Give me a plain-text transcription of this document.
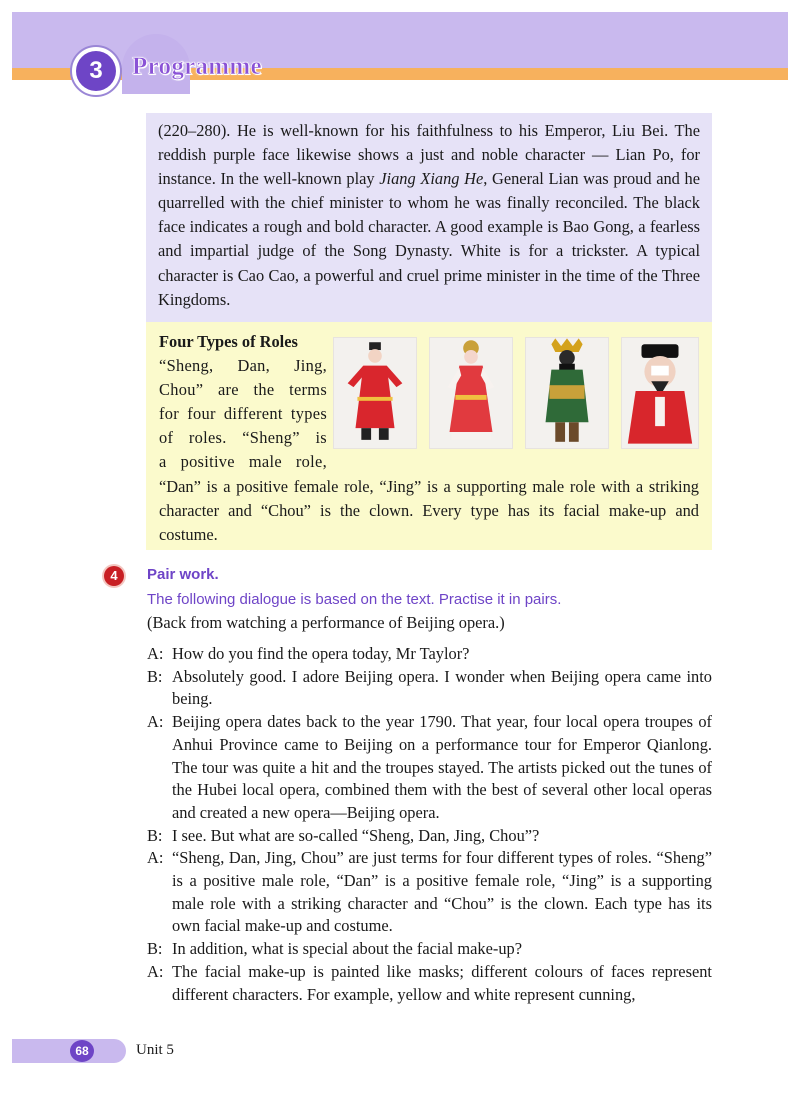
3	Programme
(220–280). He is well-known for his faithfulness to his Emperor, Liu Bei. The reddish purple face likewise shows a just and noble character — Lian Po, for instance. In the well-known play Jiang Xiang He, General Lian was proud and he quarrelled with the chief minister to whom he was finally reconciled. The black face indicates a rough and bold character. A good example is Bao Gong, a fearless and impartial judge of the Song Dynasty. White is for a trickster. A typical character is Cao Cao, a powerful and cruel prime minister in the time of the Three Kingdoms.
Four Types of Roles
“Sheng, Dan, Jing,
Chou” are the terms
for four different types
of roles. “Sheng” is
a positive male role,
“Dan” is a positive female role, “Jing” is a supporting male role with a striking character and “Chou” is the clown. Every type has its facial make-up and costume.
4	Pair work.
The following dialogue is based on the text. Practise it in pairs.
(Back from watching a performance of Beijing opera.)
A: How do you find the opera today, Mr Taylor?
B: Absolutely good. I adore Beijing opera. I wonder when Beijing opera came into being.
A: Beijing opera dates back to the year 1790. That year, four local opera troupes of Anhui Province came to Beijing on a performance tour for Emperor Qianlong. The tour was quite a hit and the troupes stayed. The artists picked out the tunes of the Hubei local opera, combined them with the best of several other local operas and created a new opera—Beijing opera.
B: I see. But what are so-called “Sheng, Dan, Jing, Chou”?
A: “Sheng, Dan, Jing, Chou” are just terms for four different types of roles. “Sheng” is a positive male role, “Dan” is a positive female role, “Jing” is a supporting male role with a striking character and “Chou” is the clown. Each type has its own facial make-up and costume.
B: In addition, what is special about the facial make-up?
A: The facial make-up is painted like masks; different colours of faces represent different characters. For example, yellow and white represent cunning,
68	Unit 5
